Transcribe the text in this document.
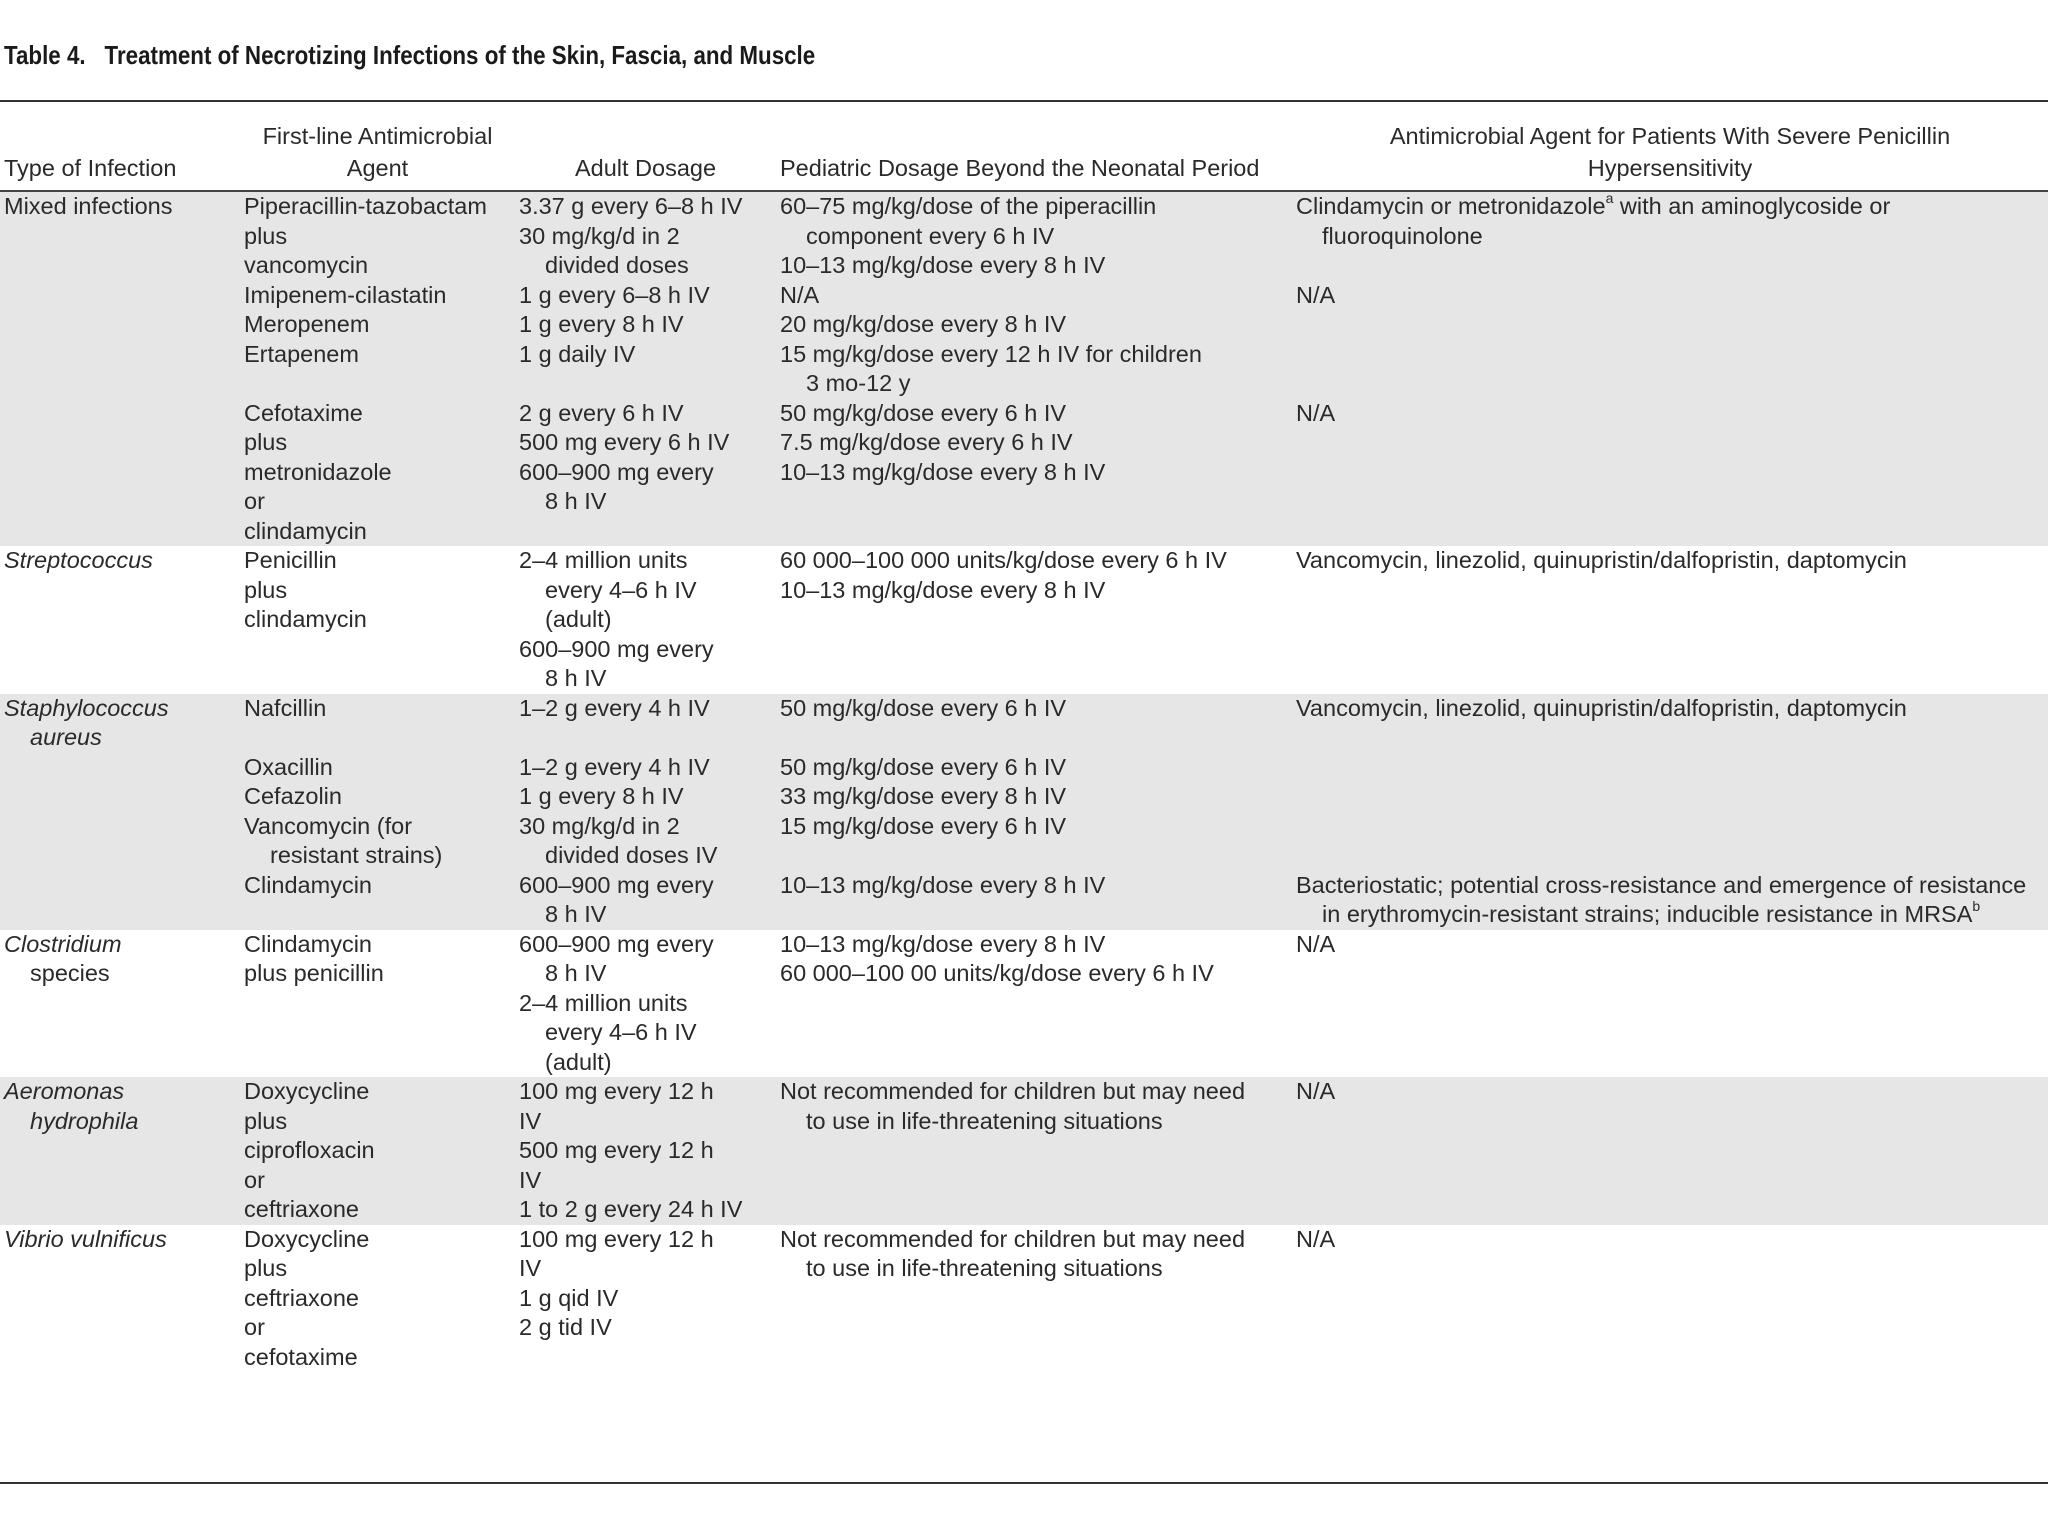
Table 4. Treatment of Necrotizing Infections of the Skin, Fascia, and Muscle
Type of Infection	First-line Antimicrobial
Agent	Adult Dosage	Pediatric Dosage Beyond the Neonatal Period	Antimicrobial Agent for Patients With Severe Penicillin
Hypersensitivity

Mixed infections	Piperacillin-tazobactam
plus
vancomycin	3.37 g every 6–8 h IV
30 mg/kg/d in 2
divided doses	60–75 mg/kg/dose of the piperacillin
component every 6 h IV
10–13 mg/kg/dose every 8 h IV	Clindamycin or metronidazole$^a$ with an aminoglycoside or
fluoroquinolone

	Imipenem-cilastatin	1 g every 6–8 h IV	N/A	N/A

	Meropenem	1 g every 8 h IV	20 mg/kg/dose every 8 h IV	

	Ertapenem	1 g daily IV	15 mg/kg/dose every 12 h IV for children
3 mo-12 y	

	Cefotaxime
plus
metronidazole
or
clindamycin	2 g every 6 h IV
500 mg every 6 h IV
600–900 mg every
8 h IV	50 mg/kg/dose every 6 h IV
7.5 mg/kg/dose every 6 h IV
10–13 mg/kg/dose every 8 h IV	N/A

Streptococcus	Penicillin
plus
clindamycin	2–4 million units
every 4–6 h IV
(adult)
600–900 mg every
8 h IV	60 000–100 000 units/kg/dose every 6 h IV
10–13 mg/kg/dose every 8 h IV	Vancomycin, linezolid, quinupristin/dalfopristin, daptomycin

Staphylococcus
aureus	Nafcillin	1–2 g every 4 h IV	50 mg/kg/dose every 6 h IV	Vancomycin, linezolid, quinupristin/dalfopristin, daptomycin

	Oxacillin	1–2 g every 4 h IV	50 mg/kg/dose every 6 h IV	

	Cefazolin	1 g every 8 h IV	33 mg/kg/dose every 8 h IV	

	Vancomycin (for
resistant strains)	30 mg/kg/d in 2
divided doses IV	15 mg/kg/dose every 6 h IV	

	Clindamycin	600–900 mg every
8 h IV	10–13 mg/kg/dose every 8 h IV	Bacteriostatic; potential cross-resistance and emergence of resistance
in erythromycin-resistant strains; inducible resistance in MRSA$^b$

Clostridium
species	Clindamycin
plus penicillin	600–900 mg every
8 h IV
2–4 million units
every 4–6 h IV
(adult)	10–13 mg/kg/dose every 8 h IV
60 000–100 00 units/kg/dose every 6 h IV	N/A

Aeromonas
hydrophila	Doxycycline
plus
ciprofloxacin
or
ceftriaxone	100 mg every 12 h
IV
500 mg every 12 h
IV
1 to 2 g every 24 h IV	Not recommended for children but may need
to use in life-threatening situations	N/A

Vibrio vulnificus	Doxycycline
plus
ceftriaxone
or
cefotaxime	100 mg every 12 h
IV
1 g qid IV
2 g tid IV	Not recommended for children but may need
to use in life-threatening situations	N/A
